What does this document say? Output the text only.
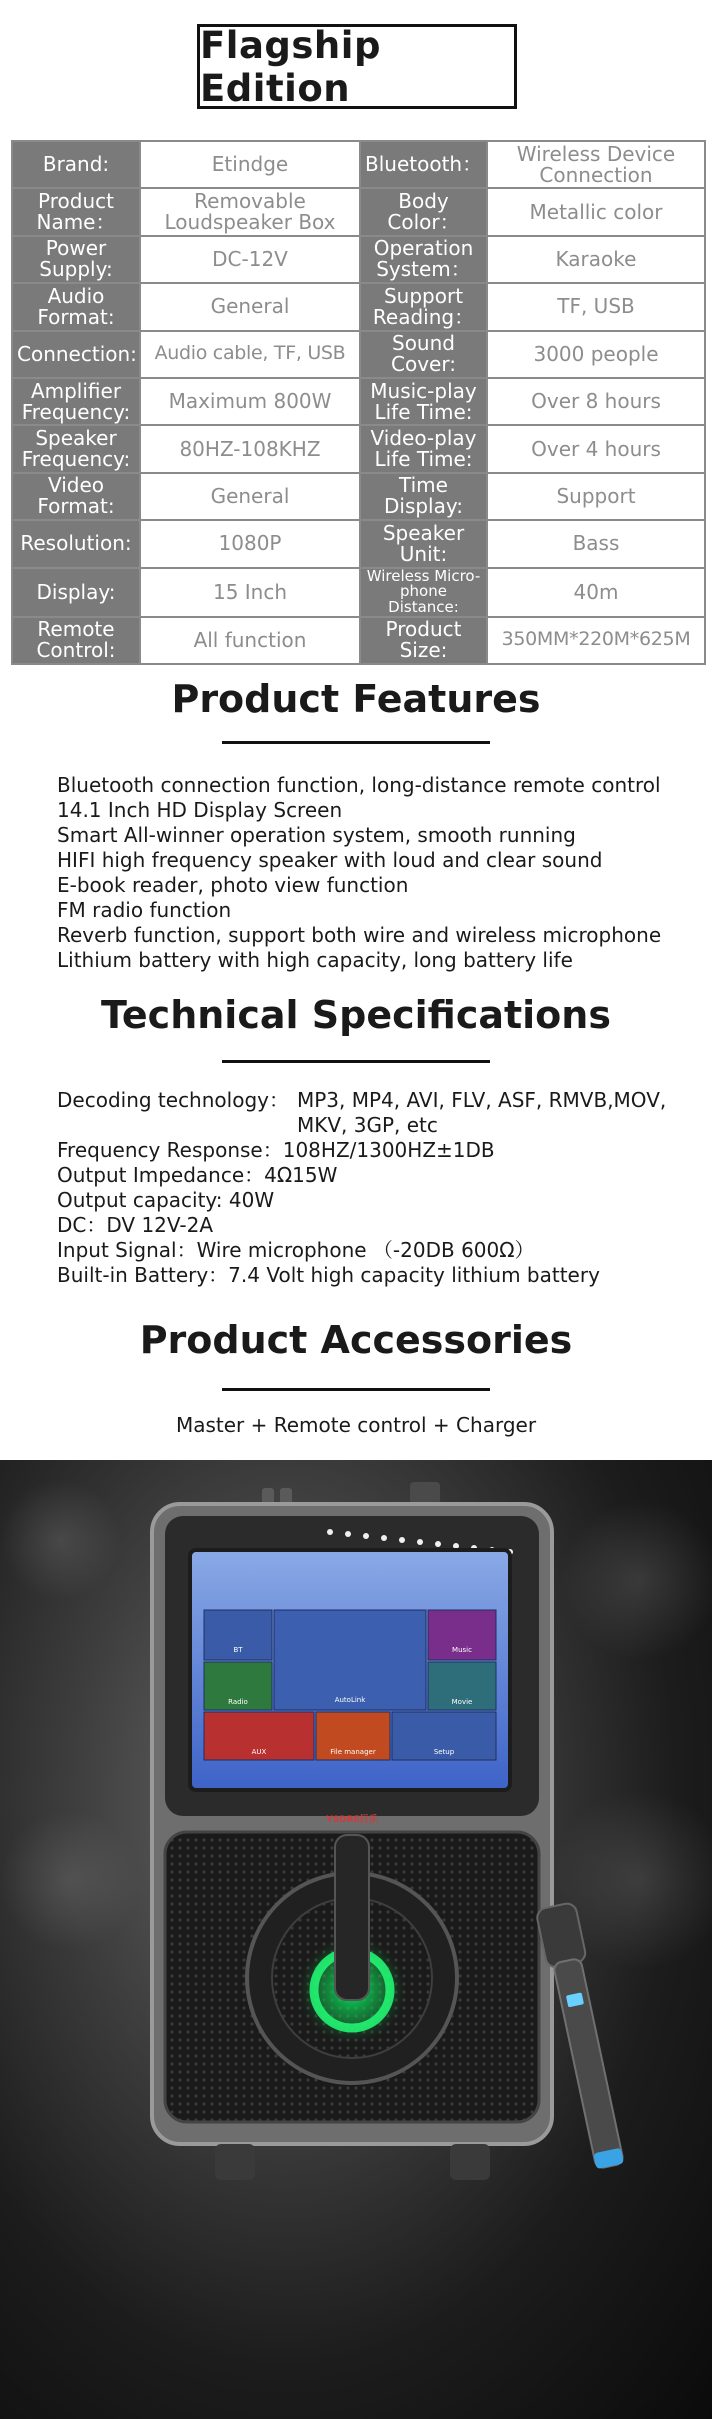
Flagship Edition
Brand:	Etindge	Bluetooth：	Wireless Device Connection
Product Name：	Removable Loudspeaker Box	Body Color：	Metallic color
Power Supply:	DC-12V	Operation System：	Karaoke
Audio Format:	General	Support Reading：	TF, USB
Connection:	Audio cable, TF, USB	Sound Cover:	3000 people
Amplifier Frequency:	Maximum 800W	Music-play Life Time:	Over 8 hours
Speaker Frequency:	80HZ-108KHZ	Video-play Life Time:	Over 4 hours
Video Format:	General	Time Display:	Support
Resolution:	1080P	Speaker Unit:	Bass
Display:	15 Inch	Wireless Micro-phone Distance:	40m
Remote Control:	All function	Product Size:	350MM*220M*625M
Product Features
Bluetooth connection function, long-distance remote control
14.1 Inch HD Display Screen
Smart All-winner operation system, smooth running
HIFI high frequency speaker with loud and clear sound
E-book reader, photo view function
FM radio function
Reverb function, support both wire and wireless microphone
Lithium battery with high capacity, long battery life
Technical Specifications
Decoding technology： MP3, MP4, AVI, FLV, ASF, RMVB,MOV, MKV, 3GP, etc
Frequency Response：108HZ/1300HZ±1DB
Output Impedance：4Ω15W
Output capacity: 40W
DC：DV 12V-2A
Input Signal：Wire microphone （-20DB 600Ω）
Built-in Battery：7.4 Volt high capacity lithium battery
Product Accessories
Master + Remote control + Charger
BT
AutoLink
Music
Radio	Movie
AUX	File manager	Setup
YSDRE巨乐
